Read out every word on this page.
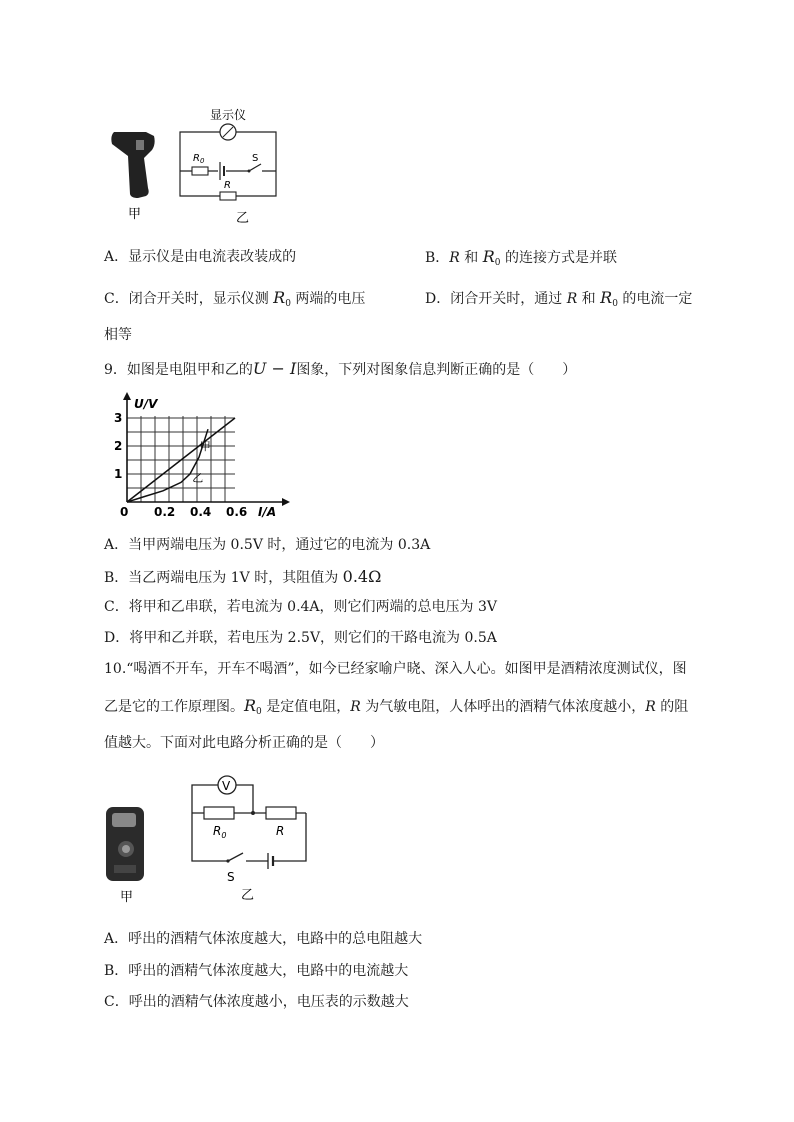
甲
显示仪
$R_0$	S
R
乙
A．显示仪是由电流表改装成的	B．R 和 $R_0$ 的连接方式是并联
C．闭合开关时，显示仪测 $R_0$ 两端的电压	D．闭合开关时，通过 R 和 $R_0$ 的电流一定
相等
9．如图是电阻甲和乙的U − I图象，下列对图象信息判断正确的是（　　）
U/V
I/A
0 0.2 0.4 0.6
1
2
3
甲
乙
A．当甲两端电压为 0.5V 时，通过它的电流为 0.3A
B．当乙两端电压为 1V 时，其阻值为 0.4Ω
C．将甲和乙串联，若电流为 0.4A，则它们两端的总电压为 3V
D．将甲和乙并联，若电压为 2.5V，则它们的干路电流为 0.5A
10.“喝酒不开车，开车不喝酒”，如今已经家喻户晓、深入人心。如图甲是酒精浓度测试仪，图
乙是它的工作原理图。$R_0$ 是定值电阻，R 为气敏电阻，人体呼出的酒精气体浓度越小，R 的阻
值越大。下面对此电路分析正确的是（　　）
甲
V
$R_0$	R
S
乙
A．呼出的酒精气体浓度越大，电路中的总电阻越大
B．呼出的酒精气体浓度越大，电路中的电流越大
C．呼出的酒精气体浓度越小，电压表的示数越大
